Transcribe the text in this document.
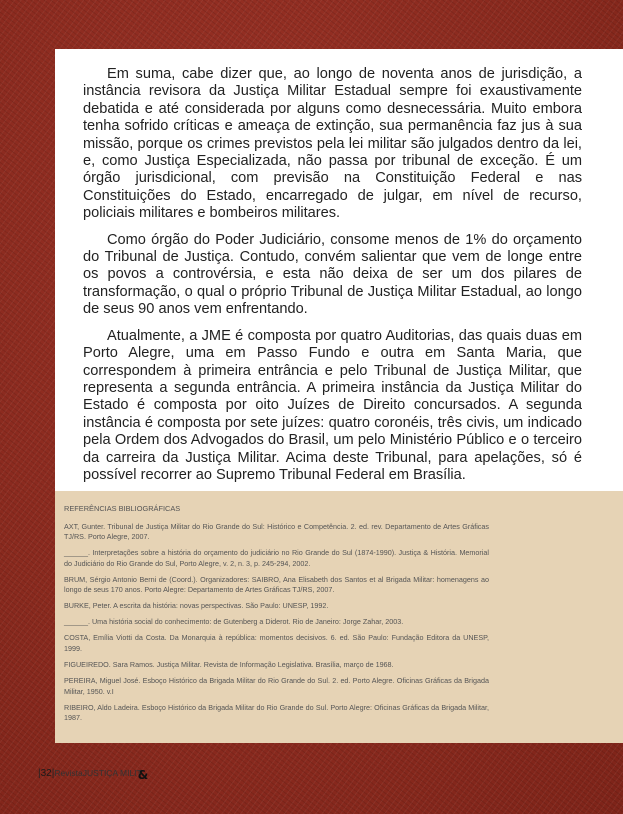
Em suma, cabe dizer que, ao longo de noventa anos de jurisdição, a instância revisora da Justiça Militar Estadual sempre foi exaustivamente debatida e até considerada por alguns como desnecessária. Muito embora tenha sofrido críticas e ameaça de extinção, sua permanência faz jus à sua missão, porque os crimes previstos pela lei militar são julgados dentro da lei, e, como Justiça Especializada, não passa por tribunal de exceção. É um órgão jurisdicional, com previsão na Constituição Federal e nas Constituições do Estado, encarregado de julgar, em nível de recurso, policiais militares e bombeiros militares.

Como órgão do Poder Judiciário, consome menos de 1% do orçamento do Tribunal de Justiça. Contudo, convém salientar que vem de longe entre os povos a controvérsia, e esta não deixa de ser um dos pilares de transformação, o qual o próprio Tribunal de Justiça Militar Estadual, ao longo de seus 90 anos vem enfrentando.

Atualmente, a JME é composta por quatro Auditorias, das quais duas em Porto Alegre, uma em Passo Fundo e outra em Santa Maria, que correspondem à primeira entrância e pelo Tribunal de Justiça Militar, que representa a segunda entrância. A primeira instância da Justiça Militar do Estado é composta por oito Juízes de Direito concursados. A segunda instância é composta por sete juízes: quatro coronéis, três civis, um indicado pela Ordem dos Advogados do Brasil, um pelo Ministério Público e o terceiro da carreira da Justiça Militar. Acima deste Tribunal, para apelações, só é possível recorrer ao Supremo Tribunal Federal em Brasília.

REFERÊNCIAS BIBLIOGRÁFICAS

AXT, Gunter. Tribunal de Justiça Militar do Rio Grande do Sul: Histórico e Competência. 2. ed. rev. Departamento de Artes Gráficas TJ/RS. Porto Alegre, 2007.

______. Interpretações sobre a história do orçamento do judiciário no Rio Grande do Sul (1874-1990). Justiça & História. Memorial do Judiciário do Rio Grande do Sul, Porto Alegre, v. 2, n. 3, p. 245-294, 2002.

BRUM, Sérgio Antonio Berni de (Coord.). Organizadores: SAIBRO, Ana Elisabeth dos Santos et al Brigada Militar: homenagens ao longo de seus 170 anos. Porto Alegre: Departamento de Artes Gráficas TJ/RS, 2007.

BURKE, Peter. A escrita da história: novas perspectivas. São Paulo: UNESP, 1992.

______. Uma história social do conhecimento: de Gutenberg a Diderot. Rio de Janeiro: Jorge Zahar, 2003.

COSTA, Emília Viotti da Costa. Da Monarquia à república: momentos decisivos. 6. ed. São Paulo: Fundação Editora da UNESP, 1999.

FIGUEIREDO. Sara Ramos. Justiça Militar. Revista de Informação Legislativa. Brasília, março de 1968.

PEREIRA, Miguel José. Esboço Histórico da Brigada Militar do Rio Grande do Sul. 2. ed. Porto Alegre. Oficinas Gráficas da Brigada Militar, 1950. v.I

RIBEIRO, Aldo Ladeira. Esboço Histórico da Brigada Militar do Rio Grande do Sul. Porto Alegre: Oficinas Gráficas da Brigada Militar, 1987.

|32|RevistaJUSTIÇA MILIT&
